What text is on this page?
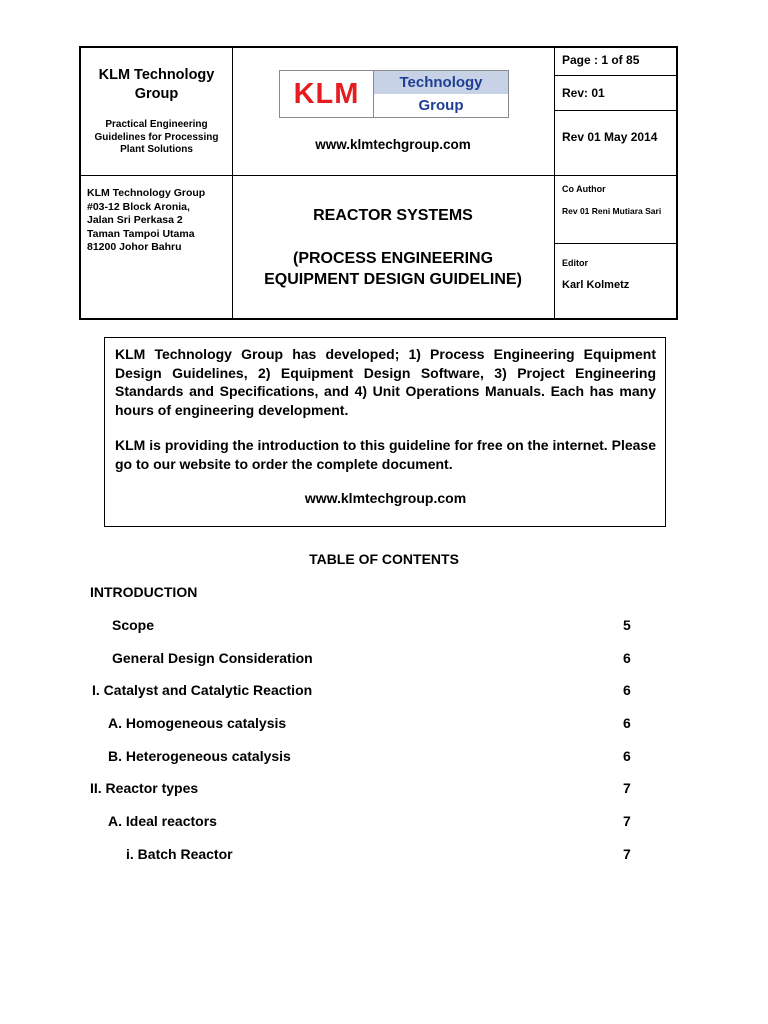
KLM Technology Group
Practical Engineering Guidelines for Processing Plant Solutions
KLM Technology Group
#03-12 Block Aronia,
Jalan Sri Perkasa 2
Taman Tampoi Utama
81200 Johor Bahru
KLM	Technology
Group
www.klmtechgroup.com
REACTOR SYSTEMS
(PROCESS ENGINEERING
EQUIPMENT DESIGN GUIDELINE)
Page : 1 of 85
Rev: 01
Rev 01 May 2014
Co Author
Rev 01 Reni Mutiara Sari
Editor
Karl Kolmetz

KLM Technology Group has developed; 1) Process Engineering Equipment Design Guidelines, 2) Equipment Design Software, 3) Project Engineering Standards and Specifications, and 4) Unit Operations Manuals. Each has many hours of engineering development.

KLM is providing the introduction to this guideline for free on the internet. Please go to our website to order the complete document.

www.klmtechgroup.com

TABLE OF CONTENTS
INTRODUCTION
Scope	5
General Design Consideration	6
I. Catalyst and Catalytic Reaction	6
A. Homogeneous catalysis	6
B. Heterogeneous catalysis	6
II. Reactor types	7
A. Ideal reactors	7
i. Batch Reactor	7
